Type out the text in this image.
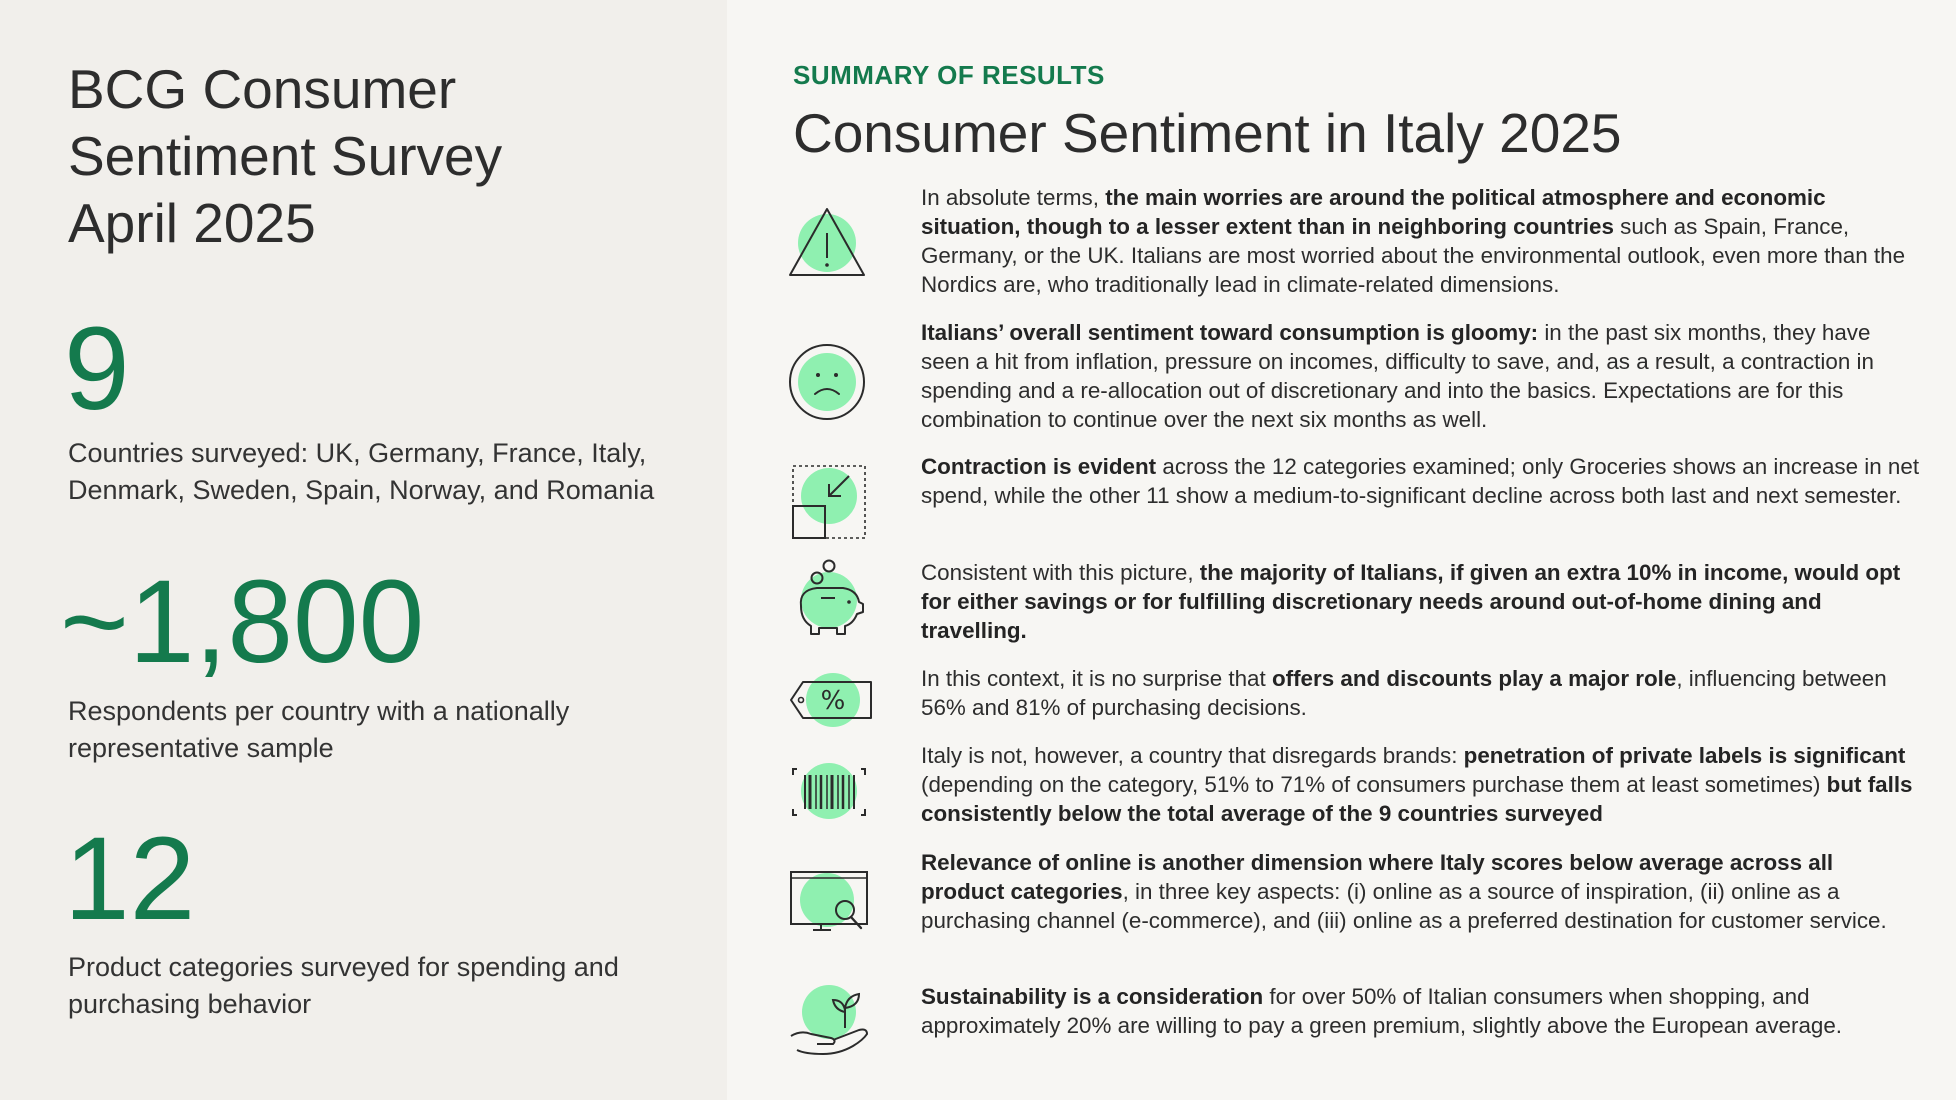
BCG Consumer
Sentiment Survey
April 2025
9

Countries surveyed: UK, Germany, France, Italy, Denmark, Sweden, Spain, Norway, and Romania

~1,800

Respondents per country with a nationally representative sample

12

Product categories surveyed for spending and purchasing behavior

SUMMARY OF RESULTS
Consumer Sentiment in Italy 2025

In absolute terms, the main worries are around the political atmosphere and economic situation, though to a lesser extent than in neighboring countries such as Spain, France, Germany, or the UK. Italians are most worried about the environmental outlook, even more than the Nordics are, who traditionally lead in climate-related dimensions.

Italians’ overall sentiment toward consumption is gloomy: in the past six months, they have seen a hit from inflation, pressure on incomes, difficulty to save, and, as a result, a contraction in spending and a re-allocation out of discretionary and into the basics. Expectations are for this combination to continue over the next six months as well.

Contraction is evident across the 12 categories examined; only Groceries shows an increase in net spend, while the other 11 show a medium-to-significant decline across both last and next semester.

Consistent with this picture, the majority of Italians, if given an extra 10% in income, would opt for either savings or for fulfilling discretionary needs around out-of-home dining and travelling.

%

In this context, it is no surprise that offers and discounts play a major role, influencing between 56% and 81% of purchasing decisions.

Italy is not, however, a country that disregards brands: penetration of private labels is significant (depending on the category, 51% to 71% of consumers purchase them at least sometimes) but falls consistently below the total average of the 9 countries surveyed

Relevance of online is another dimension where Italy scores below average across all product categories, in three key aspects: (i) online as a source of inspiration, (ii) online as a purchasing channel (e-commerce), and (iii) online as a preferred destination for customer service.

Sustainability is a consideration for over 50% of Italian consumers when shopping, and approximately 20% are willing to pay a green premium, slightly above the European average.
